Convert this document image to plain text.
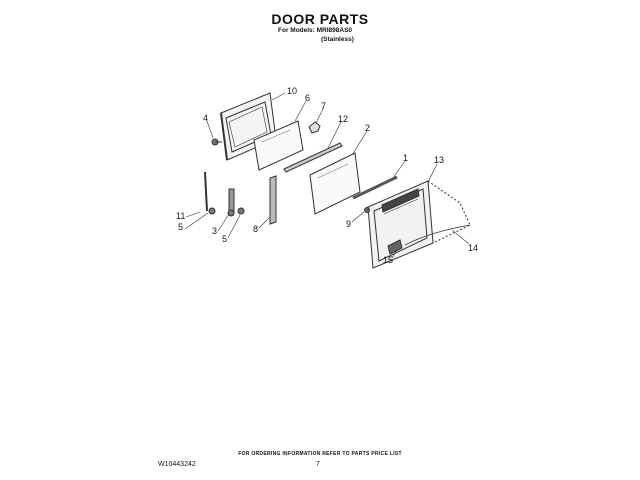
DOOR PARTS
For Models: MRI898AS0
(Stainless)
10
6
4
7
12
2
1	13
11
5	3
5
8	9
14
15
FOR ORDERING INFORMATION REFER TO PARTS PRICE LIST
W10443242	7
